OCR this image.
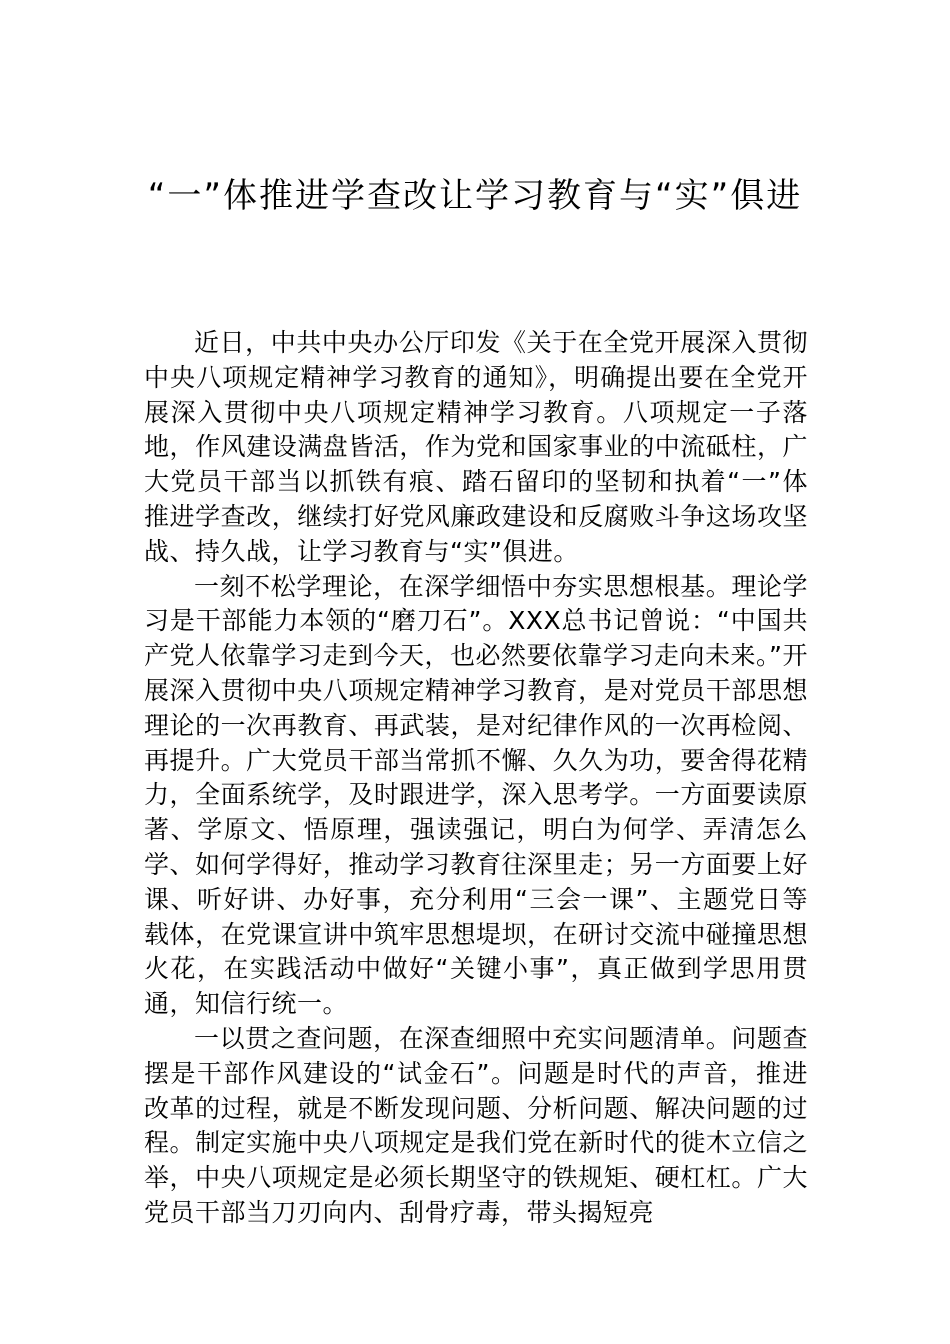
“一”体推进学查改让学习教育与“实”俱进

近日，中共中央办公厅印发《关于在全党开展深入贯彻中央八项规定精神学习教育的通知》，明确提出要在全党开展深入贯彻中央八项规定精神学习教育。八项规定一子落地，作风建设满盘皆活，作为党和国家事业的中流砥柱，广大党员干部当以抓铁有痕、踏石留印的坚韧和执着“一”体推进学查改，继续打好党风廉政建设和反腐败斗争这场攻坚战、持久战，让学习教育与“实”俱进。

一刻不松学理论，在深学细悟中夯实思想根基。理论学习是干部能力本领的“磨刀石”。XXX总书记曾说：“中国共产党人依靠学习走到今天，也必然要依靠学习走向未来。”开展深入贯彻中央八项规定精神学习教育，是对党员干部思想理论的一次再教育、再武装，是对纪律作风的一次再检阅、再提升。广大党员干部当常抓不懈、久久为功，要舍得花精力，全面系统学，及时跟进学，深入思考学。一方面要读原著、学原文、悟原理，强读强记，明白为何学、弄清怎么学、如何学得好，推动学习教育往深里走；另一方面要上好课、听好讲、办好事，充分利用“三会一课”、主题党日等载体，在党课宣讲中筑牢思想堤坝，在研讨交流中碰撞思想火花，在实践活动中做好“关键小事”，真正做到学思用贯通，知信行统一。

一以贯之查问题，在深查细照中充实问题清单。问题查摆是干部作风建设的“试金石”。问题是时代的声音，推进改革的过程，就是不断发现问题、分析问题、解决问题的过程。制定实施中央八项规定是我们党在新时代的徙木立信之举，中央八项规定是必须长期坚守的铁规矩、硬杠杠。广大党员干部当刀刃向内、刮骨疗毒，带头揭短亮
